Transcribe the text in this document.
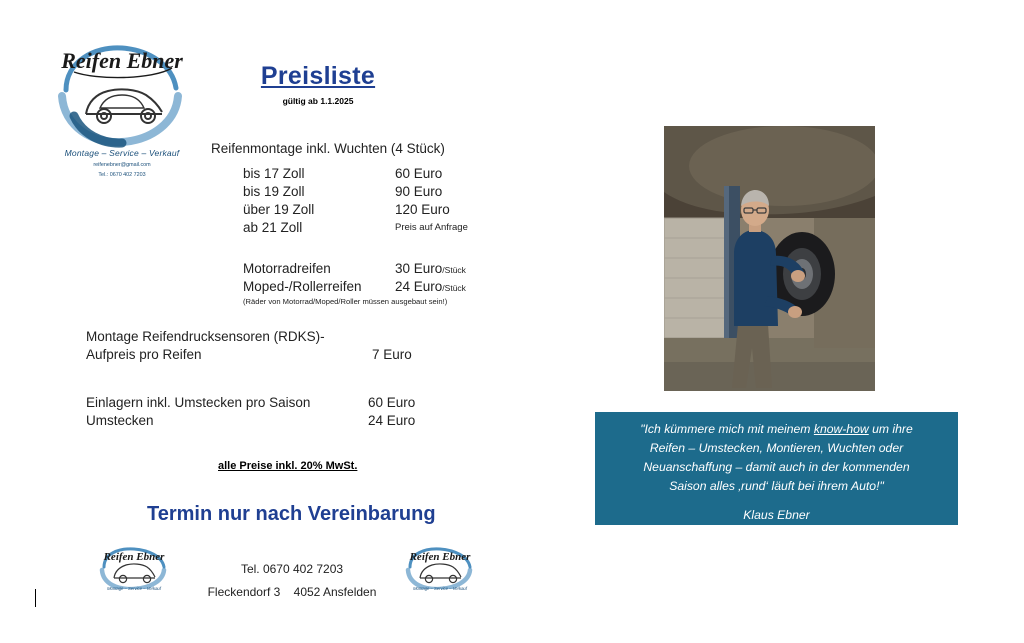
Reifen Ebner
Montage – Service – Verkauf
reifenebner@gmail.com
Tel.: 0670 402 7203
Preisliste
gültig ab 1.1.2025
Reifenmontage inkl. Wuchten (4 Stück)
bis 17 Zoll	60 Euro
bis 19 Zoll	90 Euro
über 19 Zoll	120 Euro
ab 21 Zoll	Preis auf Anfrage
Motorradreifen	30 Euro/Stück
Moped-/Rollerreifen 24 Euro/Stück
(Räder von Motorrad/Moped/Roller müssen ausgebaut sein!)
Montage Reifendrucksensoren (RDKS)-
Aufpreis pro Reifen	7 Euro
Einlagern inkl. Umstecken pro Saison	60 Euro
Umstecken	24 Euro
alle Preise inkl. 20% MwSt.
Termin nur nach Vereinbarung
Reifen Ebner
Montage – Service – Verkauf
Tel. 0670 402 7203
Fleckendorf 3 4052 Ansfelden
Reifen Ebner
Montage – Service – Verkauf
"Ich kümmere mich mit meinem know-how um ihre
Reifen – Umstecken, Montieren, Wuchten oder
Neuanschaffung – damit auch in der kommenden
Saison alles ‚rund‘ läuft bei ihrem Auto!"
Klaus Ebner
